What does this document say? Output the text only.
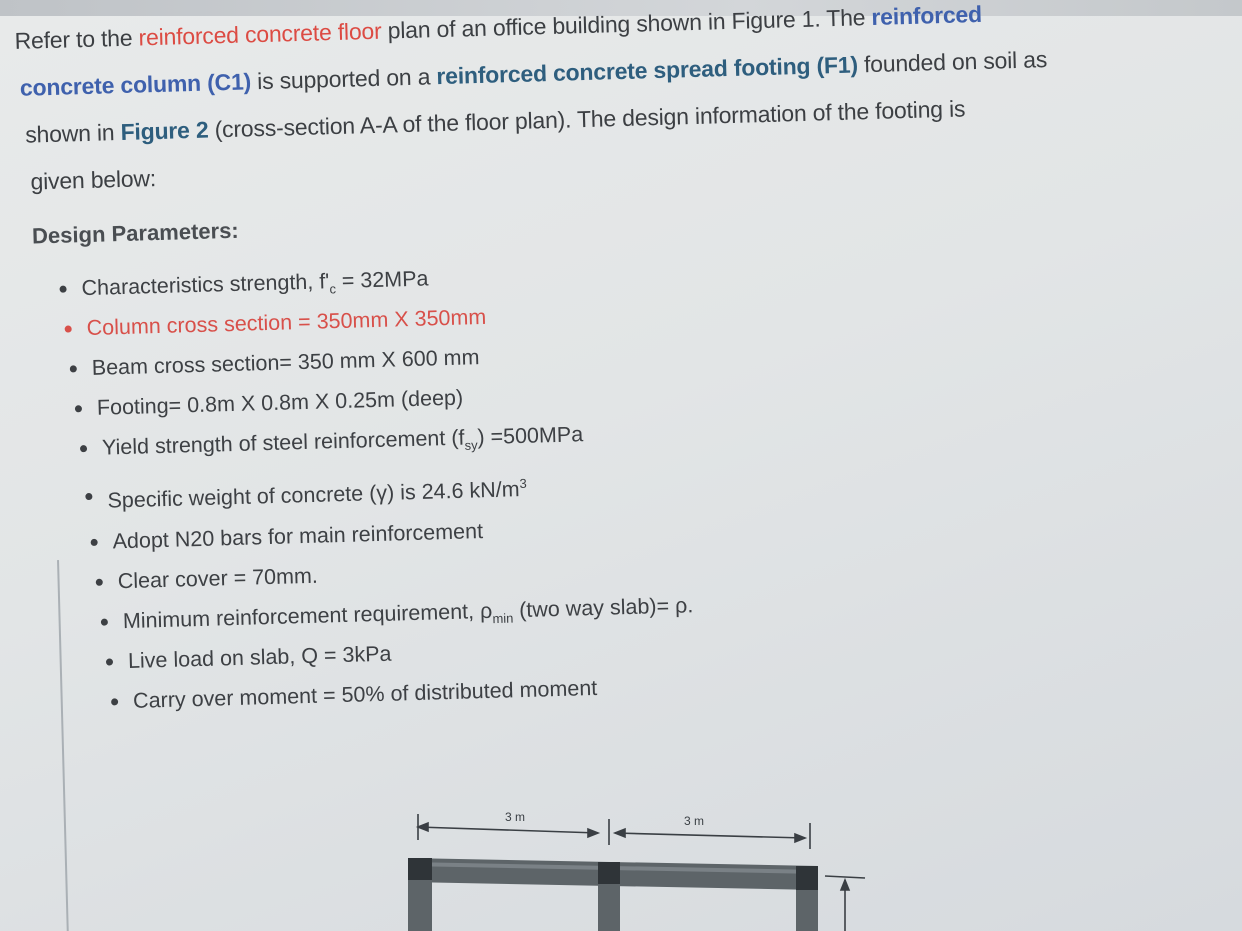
Refer to the reinforced concrete floor plan of an office building shown in Figure 1. The reinforced
concrete column (C1) is supported on a reinforced concrete spread footing (F1) founded on soil as
shown in Figure 2 (cross-section A-A of the floor plan). The design information of the footing is
given below:
Design Parameters:
Characteristics strength, $f'_c = 32MPa$
Column cross section = 350mm X 350mm
Beam cross section= 350 mm X 600 mm
Footing= 0.8m X 0.8m X 0.25m (deep)
Yield strength of steel reinforcement $(f_{sy}) =500MPa$
Specific weight of concrete (γ) is 24.6 $kN/m^3$
Adopt N20 bars for main reinforcement
Clear cover = 70mm.
Minimum reinforcement requirement, $\rho_{min}$ (two way slab)= ρ.
Live load on slab, Q = 3kPa
Carry over moment = 50% of distributed moment
3 m	3 m
